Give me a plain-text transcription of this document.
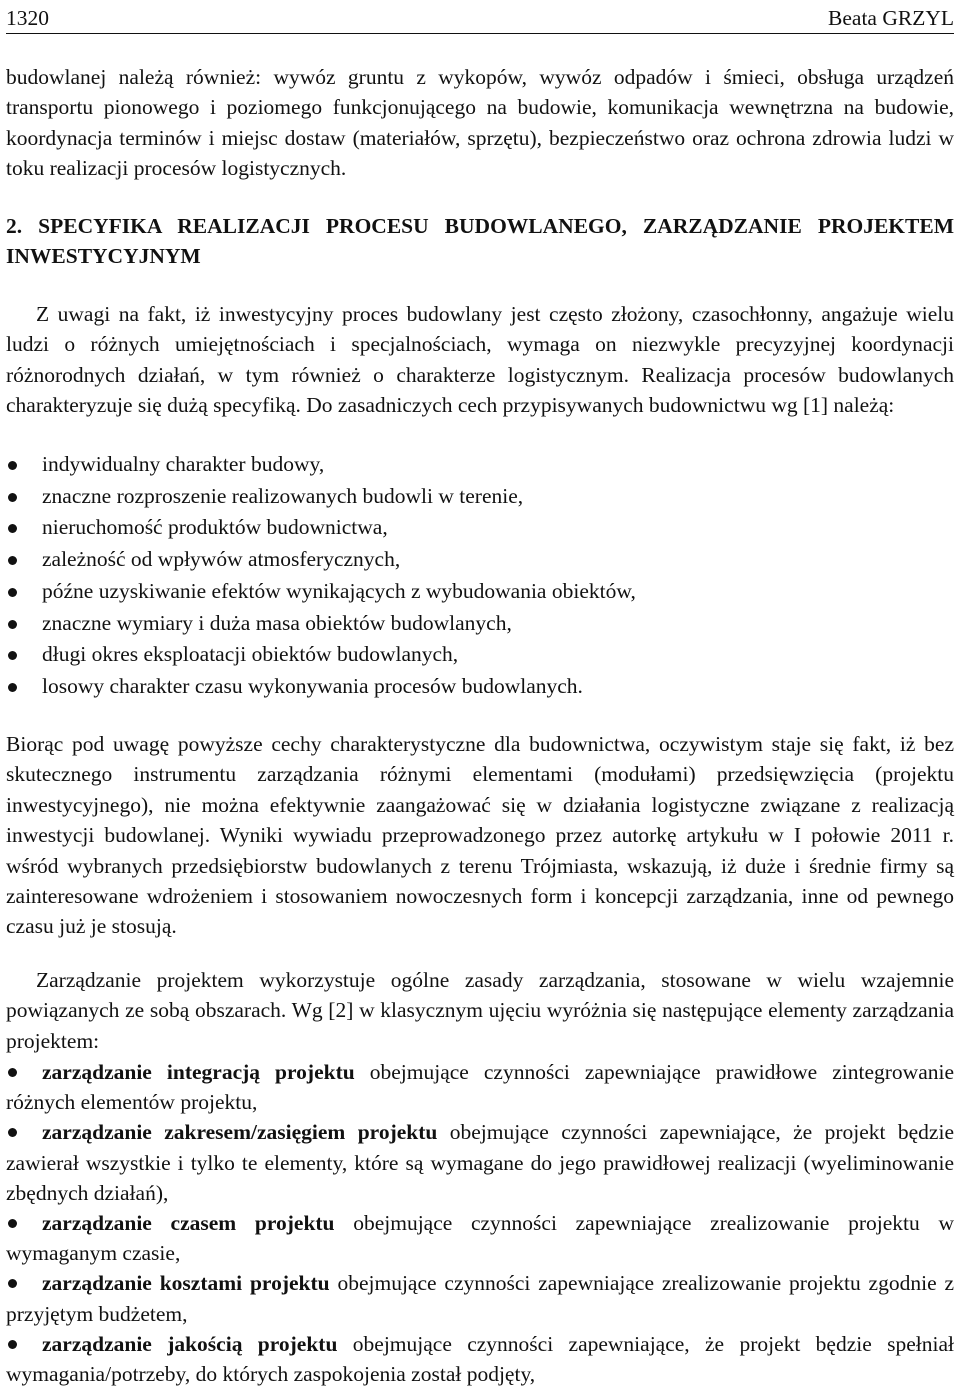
1320	Beata GRZYL

budowlanej należą również: wywóz gruntu z wykopów, wywóz odpadów i śmieci, obsługa urządzeń transportu pionowego i poziomego funkcjonującego na budowie, komunikacja wewnętrzna na budowie, koordynacja terminów i miejsc dostaw (materiałów, sprzętu), bezpieczeństwo oraz ochrona zdrowia ludzi w toku realizacji procesów logistycznych.

2. SPECYFIKA REALIZACJI PROCESU BUDOWLANEGO, ZARZĄDZANIE PROJEKTEM INWESTYCYJNYM

Z uwagi na fakt, iż inwestycyjny proces budowlany jest często złożony, czasochłonny, angażuje wielu ludzi o różnych umiejętnościach i specjalnościach, wymaga on niezwykle precyzyjnej koordynacji różnorodnych działań, w tym również o charakterze logistycznym. Realizacja procesów budowlanych charakteryzuje się dużą specyfiką. Do zasadniczych cech przypisywanych budownictwu wg [1] należą:

indywidualny charakter budowy,
znaczne rozproszenie realizowanych budowli w terenie,
nieruchomość produktów budownictwa,
zależność od wpływów atmosferycznych,
późne uzyskiwanie efektów wynikających z wybudowania obiektów,
znaczne wymiary i duża masa obiektów budowlanych,
długi okres eksploatacji obiektów budowlanych,
losowy charakter czasu wykonywania procesów budowlanych.

Biorąc pod uwagę powyższe cechy charakterystyczne dla budownictwa, oczywistym staje się fakt, iż bez skutecznego instrumentu zarządzania różnymi elementami (modułami) przedsięwzięcia (projektu inwestycyjnego), nie można efektywnie zaangażować się w działania logistyczne związane z realizacją inwestycji budowlanej. Wyniki wywiadu przeprowadzonego przez autorkę artykułu w I połowie 2011 r. wśród wybranych przedsiębiorstw budowlanych z terenu Trójmiasta, wskazują, iż duże i średnie firmy są zainteresowane wdrożeniem i stosowaniem nowoczesnych form i koncepcji zarządzania, inne od pewnego czasu już je stosują.

Zarządzanie projektem wykorzystuje ogólne zasady zarządzania, stosowane w wielu wzajemnie powiązanych ze sobą obszarach. Wg [2] w klasycznym ujęciu wyróżnia się następujące elementy zarządzania projektem:

zarządzanie integracją projektu obejmujące czynności zapewniające prawidłowe zintegrowanie różnych elementów projektu,
zarządzanie zakresem/zasięgiem projektu obejmujące czynności zapewniające, że projekt będzie zawierał wszystkie i tylko te elementy, które są wymagane do jego prawidłowej realizacji (wyeliminowanie zbędnych działań),
zarządzanie czasem projektu obejmujące czynności zapewniające zrealizowanie projektu w wymaganym czasie,
zarządzanie kosztami projektu obejmujące czynności zapewniające zrealizowanie projektu zgodnie z przyjętym budżetem,
zarządzanie jakością projektu obejmujące czynności zapewniające, że projekt będzie spełniał wymagania/potrzeby, do których zaspokojenia został podjęty,
